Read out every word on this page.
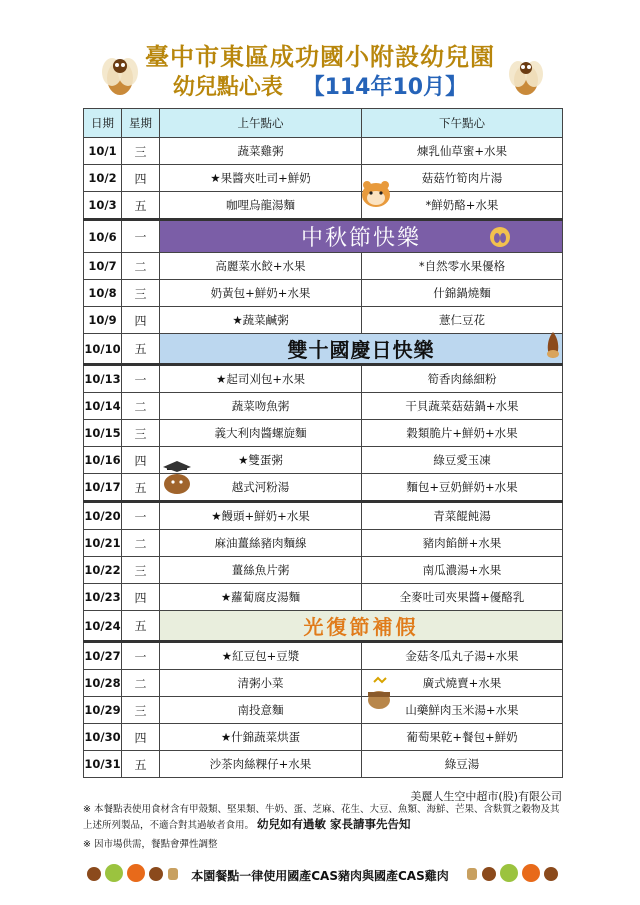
臺中市東區成功國小附設幼兒園
幼兒點心表 【114年10月】
日期	星期	上午點心	下午點心
10/1	三	蔬菜雞粥	煉乳仙草蜜+水果
10/2	四	★果醬夾吐司+鮮奶	菇菇竹筍肉片湯
10/3	五	咖哩烏龍湯麵	*鮮奶酪+水果
10/6	一	中秋節快樂	
10/7	二	高麗菜水餃+水果	*自然零水果優格
10/8	三	奶黃包+鮮奶+水果	什錦鍋燒麵
10/9	四	★蔬菜鹹粥	薏仁豆花
10/10	五	雙十國慶日快樂	
10/13	一	★起司刈包+水果	筍香肉絲細粉
10/14	二	蔬菜吻魚粥	干貝蔬菜菇菇鍋+水果
10/15	三	義大利肉醬螺旋麵	穀類脆片+鮮奶+水果
10/16	四	★雙蛋粥	綠豆愛玉凍
10/17	五	越式河粉湯	麵包+豆奶鮮奶+水果
10/20	一	★饅頭+鮮奶+水果	青菜餛飩湯
10/21	二	麻油薑絲豬肉麵線	豬肉餡餅+水果
10/22	三	薑絲魚片粥	南瓜濃湯+水果
10/23	四	★蘿蔔腐皮湯麵	全麥吐司夾果醬+優酪乳
10/24	五	光復節補假	
10/27	一	★紅豆包+豆漿	金菇冬瓜丸子湯+水果
10/28	二	清粥小菜	廣式燒賣+水果
10/29	三	南投意麵	山藥鮮肉玉米湯+水果
10/30	四	★什錦蔬菜烘蛋	葡萄果乾+餐包+鮮奶
10/31	五	沙茶肉絲粿仔+水果	綠豆湯
美麗人生空中超市(股)有限公司
※ 本餐點表使用食材含有甲殼類、堅果類、牛奶、蛋、芝麻、花生、大豆、魚類、海鮮、芒果、含麩質之穀物及其上述所列製品，不適合對其過敏者食用。 幼兒如有過敏 家長請事先告知
※ 因市場供需，餐點會彈性調整
本園餐點一律使用國產CAS豬肉與國產CAS雞肉
